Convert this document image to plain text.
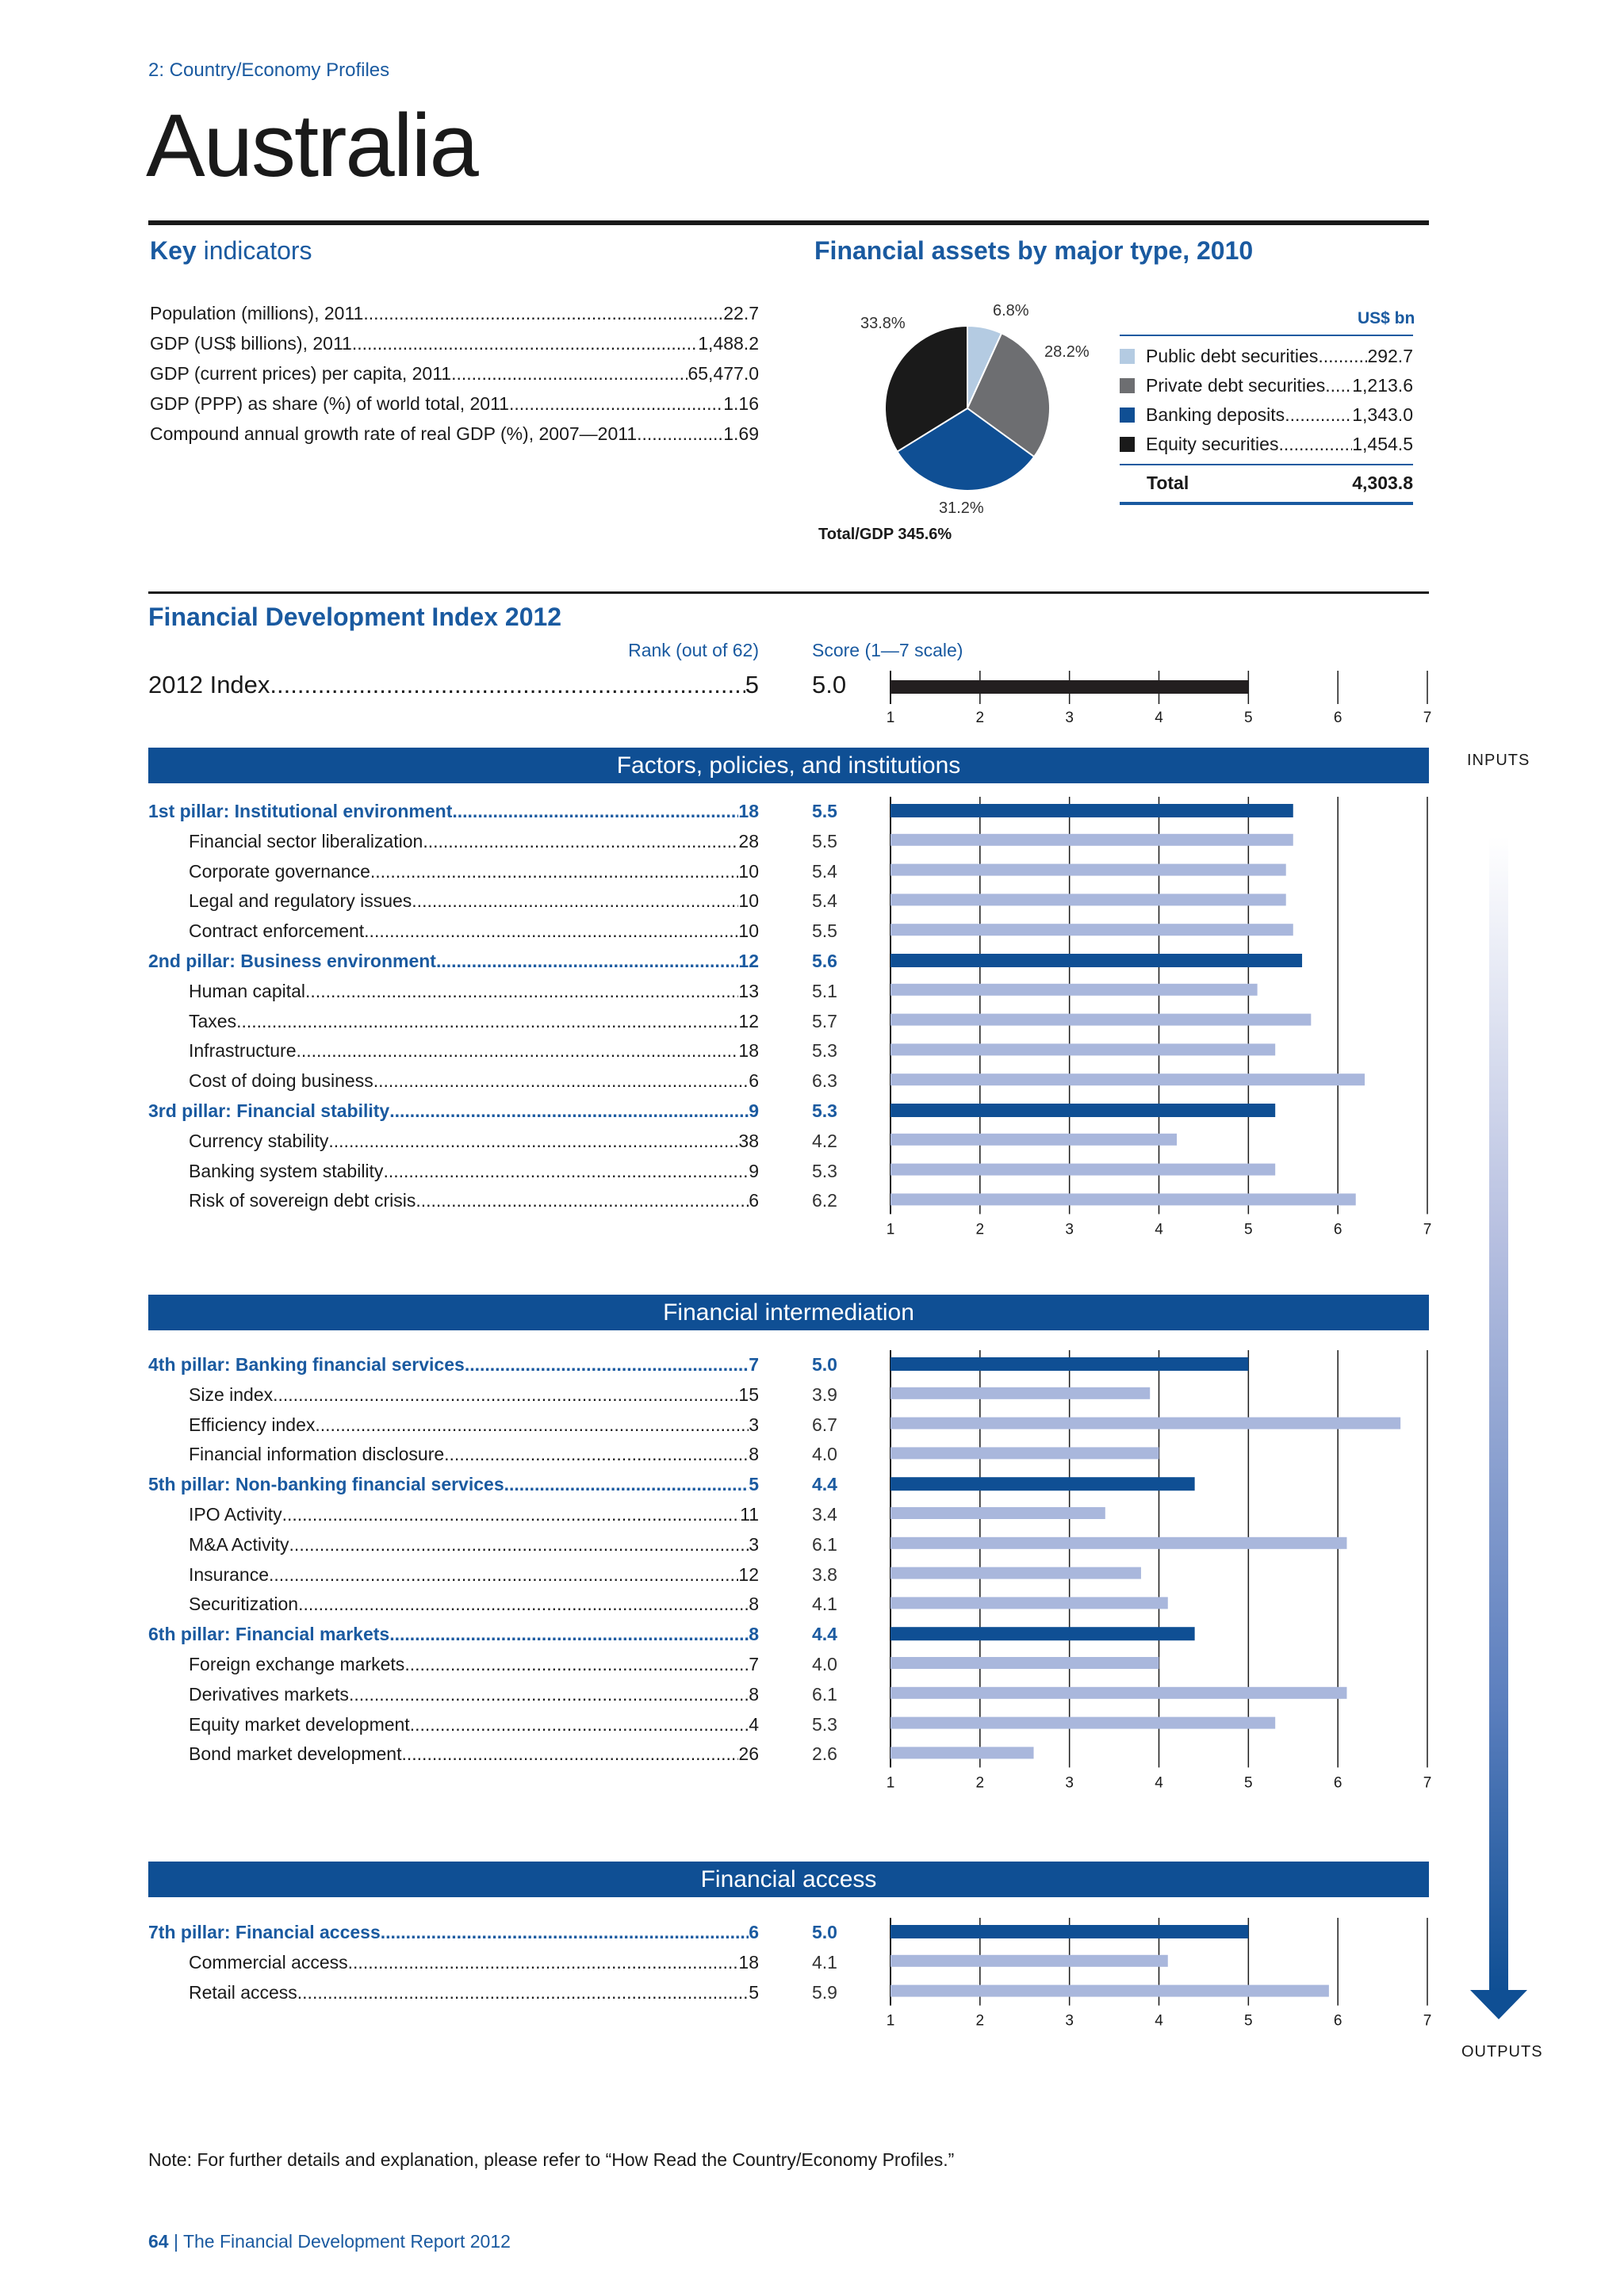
2: Country/Economy Profiles
Australia
Key indicators
Population (millions), 2011 .....	22.7
GDP (US$ billions), 2011 .....	1,488.2
GDP (current prices) per capita, 2011 .....	65,477.0
GDP (PPP) as share (%) of world total, 2011 .....	1.16
Compound annual growth rate of real GDP (%), 2007—2011 .....	1.69
Financial assets by major type, 2010
6.8%
28.2%
31.2%
33.8%
Total/GDP 345.6%
US$ bn
Public debt securities .....	292.7
Private debt securities ..... 1,213.6
Banking deposits .....	1,343.0
Equity securities .....	1,454.5
Total	4,303.8
Financial Development Index 2012
Rank (out of 62)	Score (1—7 scale)
2012 Index .....	5 5.0
Factors, policies, and institutions
1st pillar: Institutional environment .....	18	5.5
Financial sector liberalization .....	28	5.5
Corporate governance .....	10	5.4
Legal and regulatory issues .....	10	5.4
Contract enforcement .....	10	5.5
2nd pillar: Business environment .....	12	5.6
Human capital .....	13	5.1
Taxes .....	12	5.7
Infrastructure .....	18	5.3
Cost of doing business .....	6	6.3
3rd pillar: Financial stability .....	9	5.3
Currency stability .....	38	4.2
Banking system stability .....	9	5.3
Risk of sovereign debt crisis .....	6	6.2
Financial intermediation
4th pillar: Banking financial services .....	7	5.0
Size index .....	15	3.9
Efficiency index .....	3	6.7
Financial information disclosure .....	8	4.0
5th pillar: Non-banking financial services .....	5	4.4
IPO Activity .....	11	3.4
M&A Activity .....	3	6.1
Insurance .....	12	3.8
Securitization .....	8	4.1
6th pillar: Financial markets .....	8	4.4
Foreign exchange markets .....	7	4.0
Derivatives markets .....	8	6.1
Equity market development .....	4	5.3
Bond market development .....	26	2.6
Financial access
7th pillar: Financial access .....	6	5.0
Commercial access .....	18	4.1
Retail access .....	5	5.9
1	2	3	4	5	6	7
1	2	3	4	5	6	7
1	2	3	4	5	6	7
1	2	3	4	5	6	7
INPUTS
OUTPUTS
Note: For further details and explanation, please refer to “How Read the Country/Economy Profiles.”
64 | The Financial Development Report 2012
